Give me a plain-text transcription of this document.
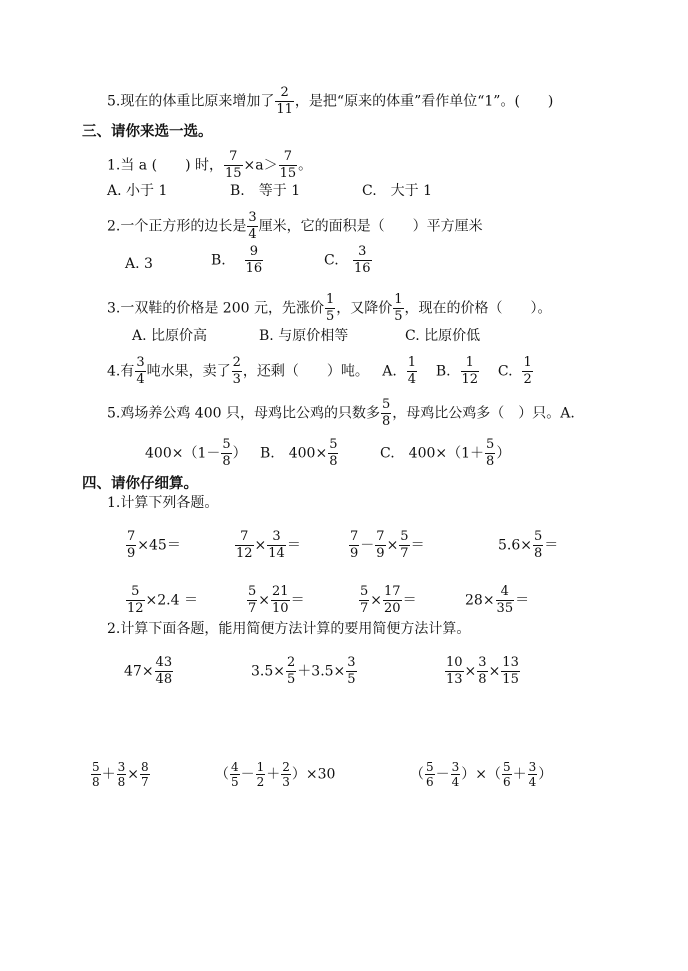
5.现在的体重比原来增加了 $\frac{2}{11}$ ，是把“原来的体重”看作单位“1”。(　　)
三、请你来选一选。
1.当 a (　　) 时， $\frac{7}{15} \times a> \frac{7}{15}$ 。
A. 小于 1	B.　等于 1	C.　大于 1
2.一个正方形的边长是 $\frac{3}{4}$ 厘米，它的面积是（　　）平方厘米
A. 3	B. $\frac{9}{16}$	C. $\frac{3}{16}$
3.一双鞋的价格是 200 元，先涨价 $\frac{1}{5}$ ，又降价 $\frac{1}{5}$ ，现在的价格（　　）。
A. 比原价高	B. 与原价相等	C. 比原价低
4.有 $\frac{3}{4}$ 吨水果，卖了 $\frac{2}{3}$ ，还剩（　　）吨。 A. $\frac{1}{4} B$. $\frac{1}{12} C$. $\frac{1}{2}$
5.鸡场养公鸡 400 只，母鸡比公鸡的只数多 $\frac{5}{8}$ ，母鸡比公鸡多（　）只。A.
$400\times(1- \frac{5}{8}$ ） B.　$400\times \frac{5}{8}$	C.　$400\times(1+ \frac{5}{8}$ ）
四、请你仔细算。
1.计算下列各题。
$\frac{7}{9} \times 45=$	$\frac{7}{12} \times \frac{3}{14}$ ＝	$\frac{7}{9} - \frac{7}{9} \times \frac{5}{7}$ ＝	$5.6\times \frac{5}{8}$ ＝
$\frac{5}{12} \times 2.4$ ＝	$\frac{5}{7} \times \frac{21}{10}$ ＝	$\frac{5}{7} \times \frac{17}{20}$ ＝	$28\times \frac{4}{35}$ ＝
2.计算下面各题，能用简便方法计算的要用简便方法计算。
$47\times \frac{43}{48}$	$3.5\times \frac{2}{5} +3.5\times \frac{3}{5}$	$\frac{10}{13} \times \frac{3}{8} \times \frac{13}{15}$
$\frac{5}{8} + \frac{3}{8} \times \frac{8}{7}$	（ $\frac{4}{5} - \frac{1}{2} + \frac{2}{3} )\times 30$	（ $\frac{5}{6} - \frac{3}{4}$ ）×（ $\frac{5}{6} + \frac{3}{4}$ ）
